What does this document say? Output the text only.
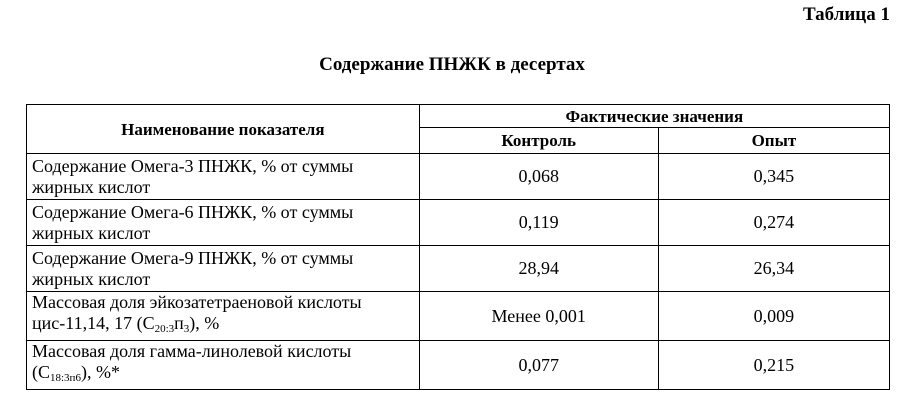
Таблица 1
Содержание ПНЖК в десертах
Наименование показателя	Фактические значения	
	Контроль	Опыт
Содержание Омега-3 ПНЖК, % от суммы
жирных кислот	0,068	0,345
Содержание Омега-6 ПНЖК, % от суммы
жирных кислот	0,119	0,274
Содержание Омега-9 ПНЖК, % от суммы
жирных кислот	28,94	26,34
Массовая доля эйкозатетраеновой кислоты
цис-11,14, 17 $(С_{20:3}п_3)$, %	Менее 0,001	0,009
Массовая доля гамма-линолевой кислоты
$(С_{18:3п6})$, %*	0,077	0,215
